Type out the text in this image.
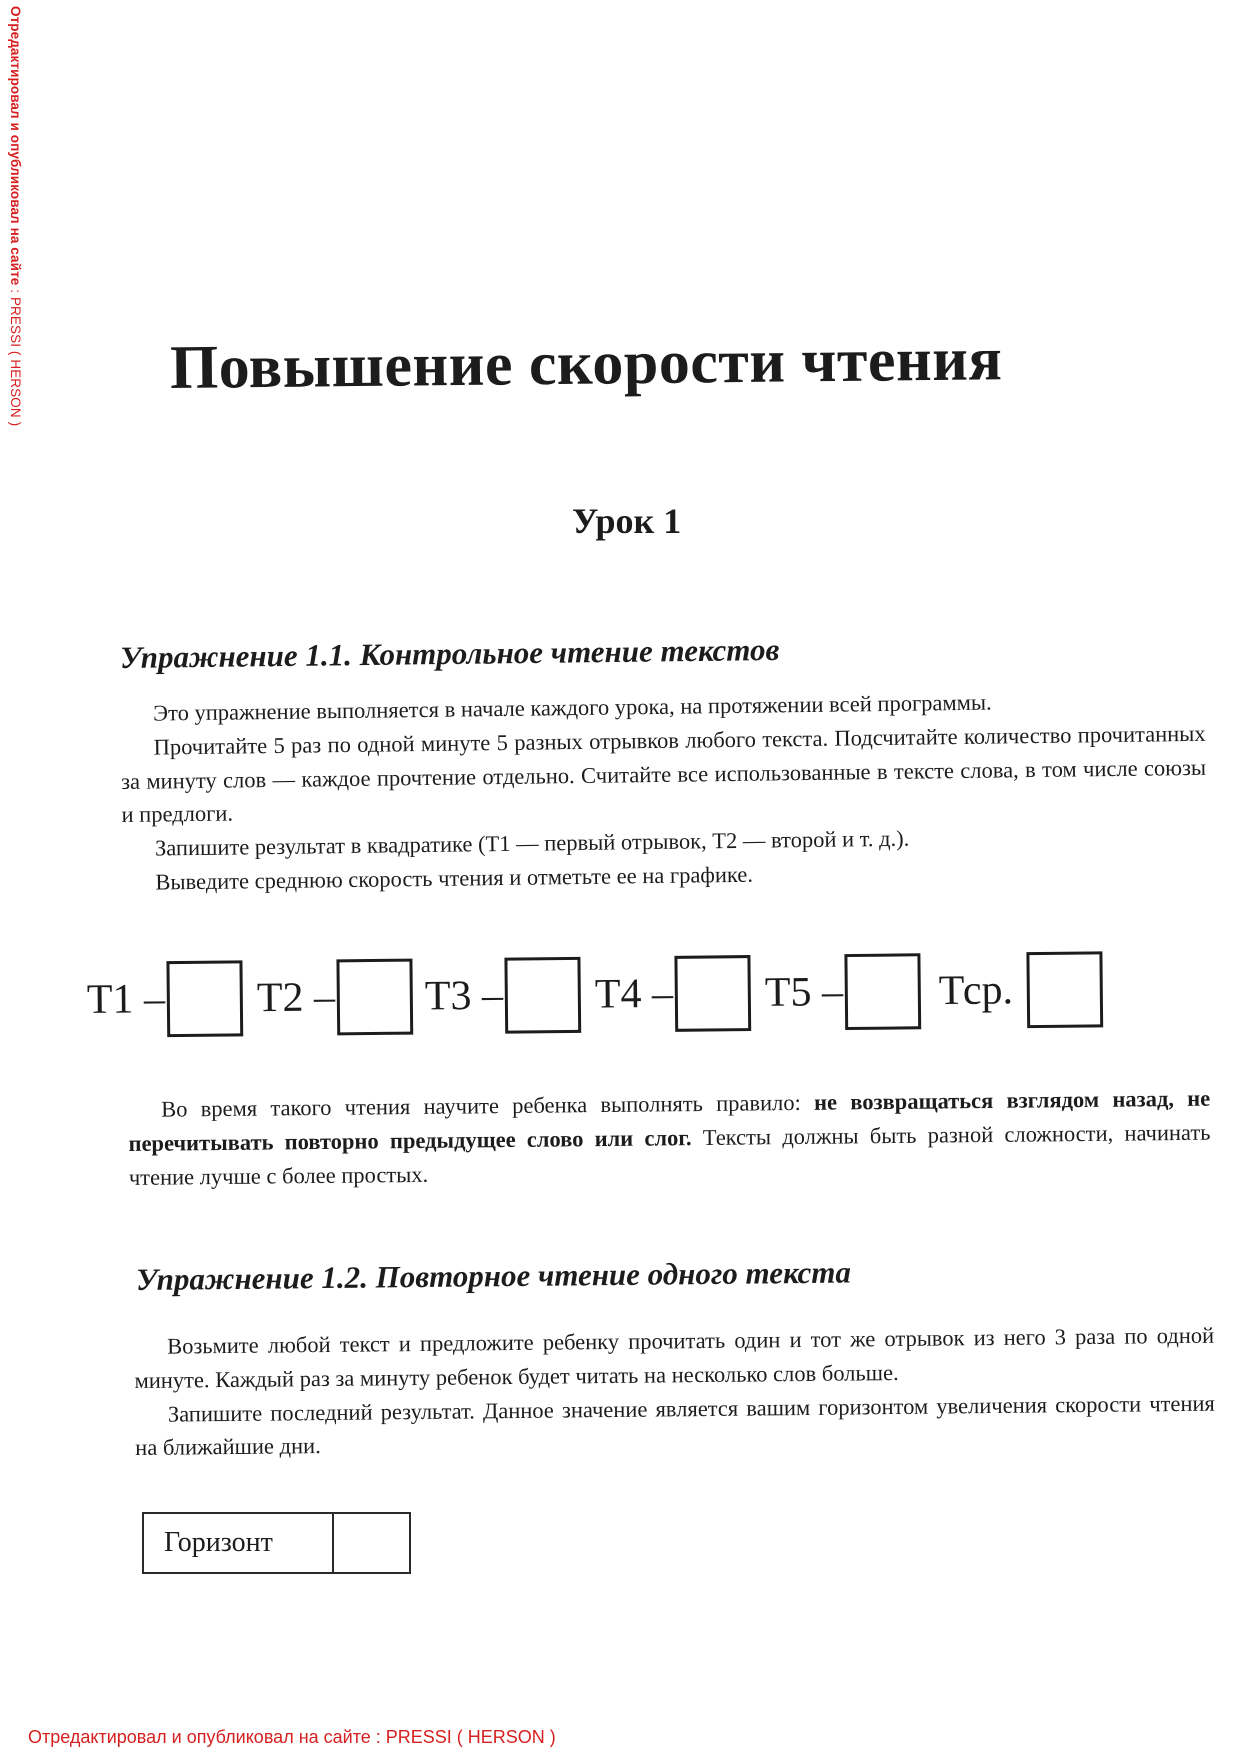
Отредактировал и опубликовал на сайте : PRESSI ( HERSON ) Повышение скорости чтения
Урок 1
Упражнение 1.1. Контрольное чтение текстов

Это упражнение выполняется в начале каждого урока, на протяжении всей программы.

Прочитайте 5 раз по одной минуте 5 разных отрывков любого текста. Подсчитайте количество прочитанных за минуту слов — каждое прочтение отдельно. Считайте все использованные в тексте слова, в том числе союзы и предлоги.

Запишите результат в квадратике (Т1 — первый отрывок, Т2 — второй и т. д.).

Выведите среднюю скорость чтения и отметьте ее на графике.

Т1 – Т2 – Т3 – Т4 – Т5 – Тср.

Во время такого чтения научите ребенка выполнять правило: не возвращаться взглядом назад, не перечитывать повторно предыдущее слово или слог. Тексты должны быть разной сложности, начинать чтение лучше с более простых.

Упражнение 1.2. Повторное чтение одного текста

Возьмите любой текст и предложите ребенку прочитать один и тот же отрывок из него 3 раза по одной минуте. Каждый раз за минуту ребенок будет читать на несколько слов больше.

Запишите последний результат. Данное значение является вашим горизонтом увеличения скорости чтения на ближайшие дни.

Горизонт
Отредактировал и опубликовал на сайте : PRESSI ( HERSON )
